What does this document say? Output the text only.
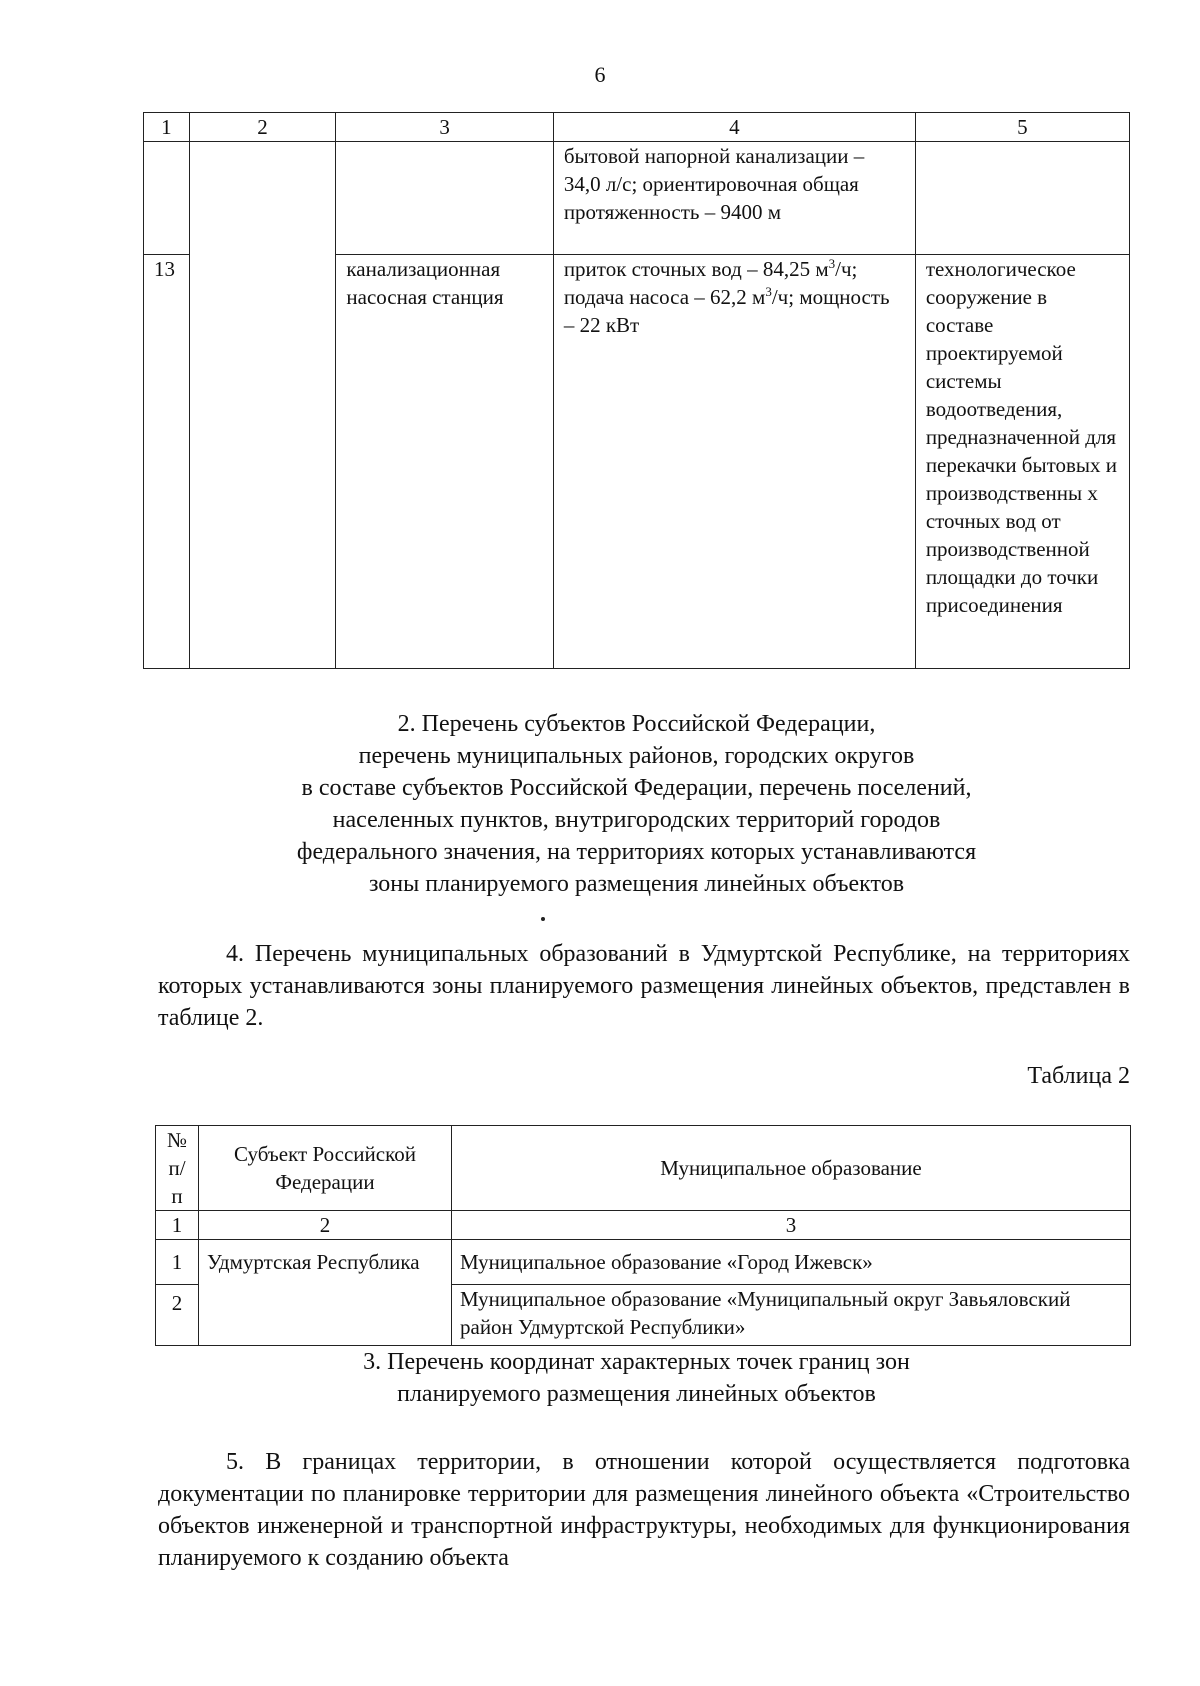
6
1	2	3	4	5
			бытовой напорной канализации – 34,0 л/с; ориентировочная общая протяженность – 9400 м	
13		канализационная насосная станция	приток сточных вод – 84,25 $м^3/ч$; подача насоса – 62,2 $м^3/ч$; мощность – 22 кВт	технологическое сооружение в составе проектируемой системы водоотведения, предназначенной для перекачки бытовых и производственны х сточных вод от производственной площадки до точки присоединения
2. Перечень субъектов Российской Федерации,
перечень муниципальных районов, городских округов
в составе субъектов Российской Федерации, перечень поселений,
населенных пунктов, внутригородских территорий городов
федерального значения, на территориях которых устанавливаются
зоны планируемого размещения линейных объектов
4. Перечень муниципальных образований в Удмуртской Республике, на территориях которых устанавливаются зоны планируемого размещения линейных объектов, представлен в таблице 2.
Таблица 2
№ п/п	Субъект Российской Федерации	Муниципальное образование
1	2	3
1	Удмуртская Республика	Муниципальное образование «Город Ижевск»
2		Муниципальное образование «Муниципальный округ Завьяловский район Удмуртской Республики»
3. Перечень координат характерных точек границ зон
планируемого размещения линейных объектов
5. В границах территории, в отношении которой осуществляется подготовка документации по планировке территории для размещения линейного объекта «Строительство объектов инженерной и транспортной инфраструктуры, необходимых для функционирования планируемого к созданию объекта
